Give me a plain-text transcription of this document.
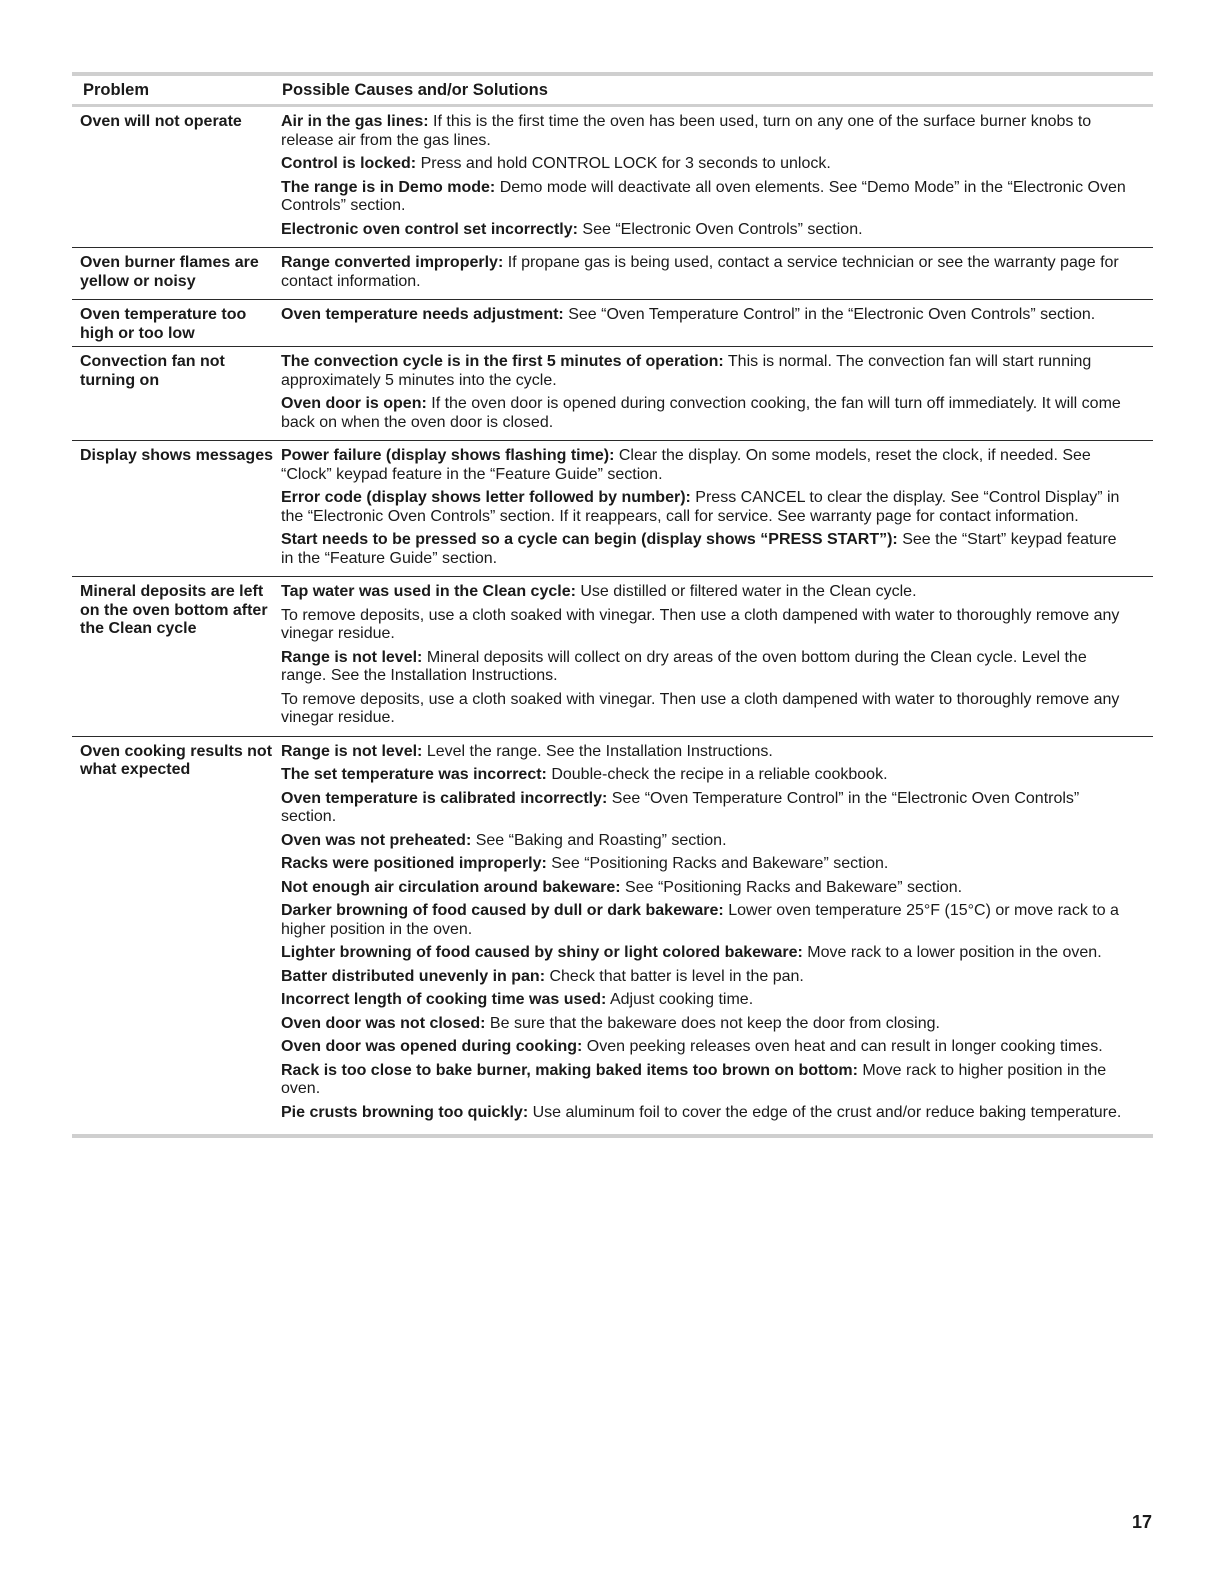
Problem	Possible Causes and/or Solutions
Oven will not operate	Air in the gas lines: If this is the first time the oven has been used, turn on any one of the surface burner knobs to release air from the gas lines.
Control is locked: Press and hold CONTROL LOCK for 3 seconds to unlock.
The range is in Demo mode: Demo mode will deactivate all oven elements. See “Demo Mode” in the “Electronic Oven Controls” section.
Electronic oven control set incorrectly: See “Electronic Oven Controls” section.
Oven burner flames are yellow or noisy
Range converted improperly: If propane gas is being used, contact a service technician or see the warranty page for contact information.
Oven temperature too high or too low
Oven temperature needs adjustment: See “Oven Temperature Control” in the “Electronic Oven Controls” section.
Convection fan not turning on
The convection cycle is in the first 5 minutes of operation: This is normal. The convection fan will start running approximately 5 minutes into the cycle.
Oven door is open: If the oven door is opened during convection cooking, the fan will turn off immediately. It will come back on when the oven door is closed.
Display shows messages Power failure (display shows flashing time): Clear the display. On some models, reset the clock, if needed. See “Clock” keypad feature in the “Feature Guide” section.
Error code (display shows letter followed by number): Press CANCEL to clear the display. See “Control Display” in the “Electronic Oven Controls” section. If it reappears, call for service. See warranty page for contact information.
Start needs to be pressed so a cycle can begin (display shows “PRESS START”): See the “Start” keypad feature in the “Feature Guide” section.
Mineral deposits are left on the oven bottom after the Clean cycle
Tap water was used in the Clean cycle: Use distilled or filtered water in the Clean cycle.
To remove deposits, use a cloth soaked with vinegar. Then use a cloth dampened with water to thoroughly remove any vinegar residue.
Range is not level: Mineral deposits will collect on dry areas of the oven bottom during the Clean cycle. Level the range. See the Installation Instructions.
To remove deposits, use a cloth soaked with vinegar. Then use a cloth dampened with water to thoroughly remove any vinegar residue.
Oven cooking results not what expected
Range is not level: Level the range. See the Installation Instructions.
The set temperature was incorrect: Double-check the recipe in a reliable cookbook.
Oven temperature is calibrated incorrectly: See “Oven Temperature Control” in the “Electronic Oven Controls” section.
Oven was not preheated: See “Baking and Roasting” section.
Racks were positioned improperly: See “Positioning Racks and Bakeware” section.
Not enough air circulation around bakeware: See “Positioning Racks and Bakeware” section.
Darker browning of food caused by dull or dark bakeware: Lower oven temperature 25°F (15°C) or move rack to a higher position in the oven.
Lighter browning of food caused by shiny or light colored bakeware: Move rack to a lower position in the oven.
Batter distributed unevenly in pan: Check that batter is level in the pan.
Incorrect length of cooking time was used: Adjust cooking time.
Oven door was not closed: Be sure that the bakeware does not keep the door from closing.
Oven door was opened during cooking: Oven peeking releases oven heat and can result in longer cooking times.
Rack is too close to bake burner, making baked items too brown on bottom: Move rack to higher position in the oven.
Pie crusts browning too quickly: Use aluminum foil to cover the edge of the crust and/or reduce baking temperature.
17
